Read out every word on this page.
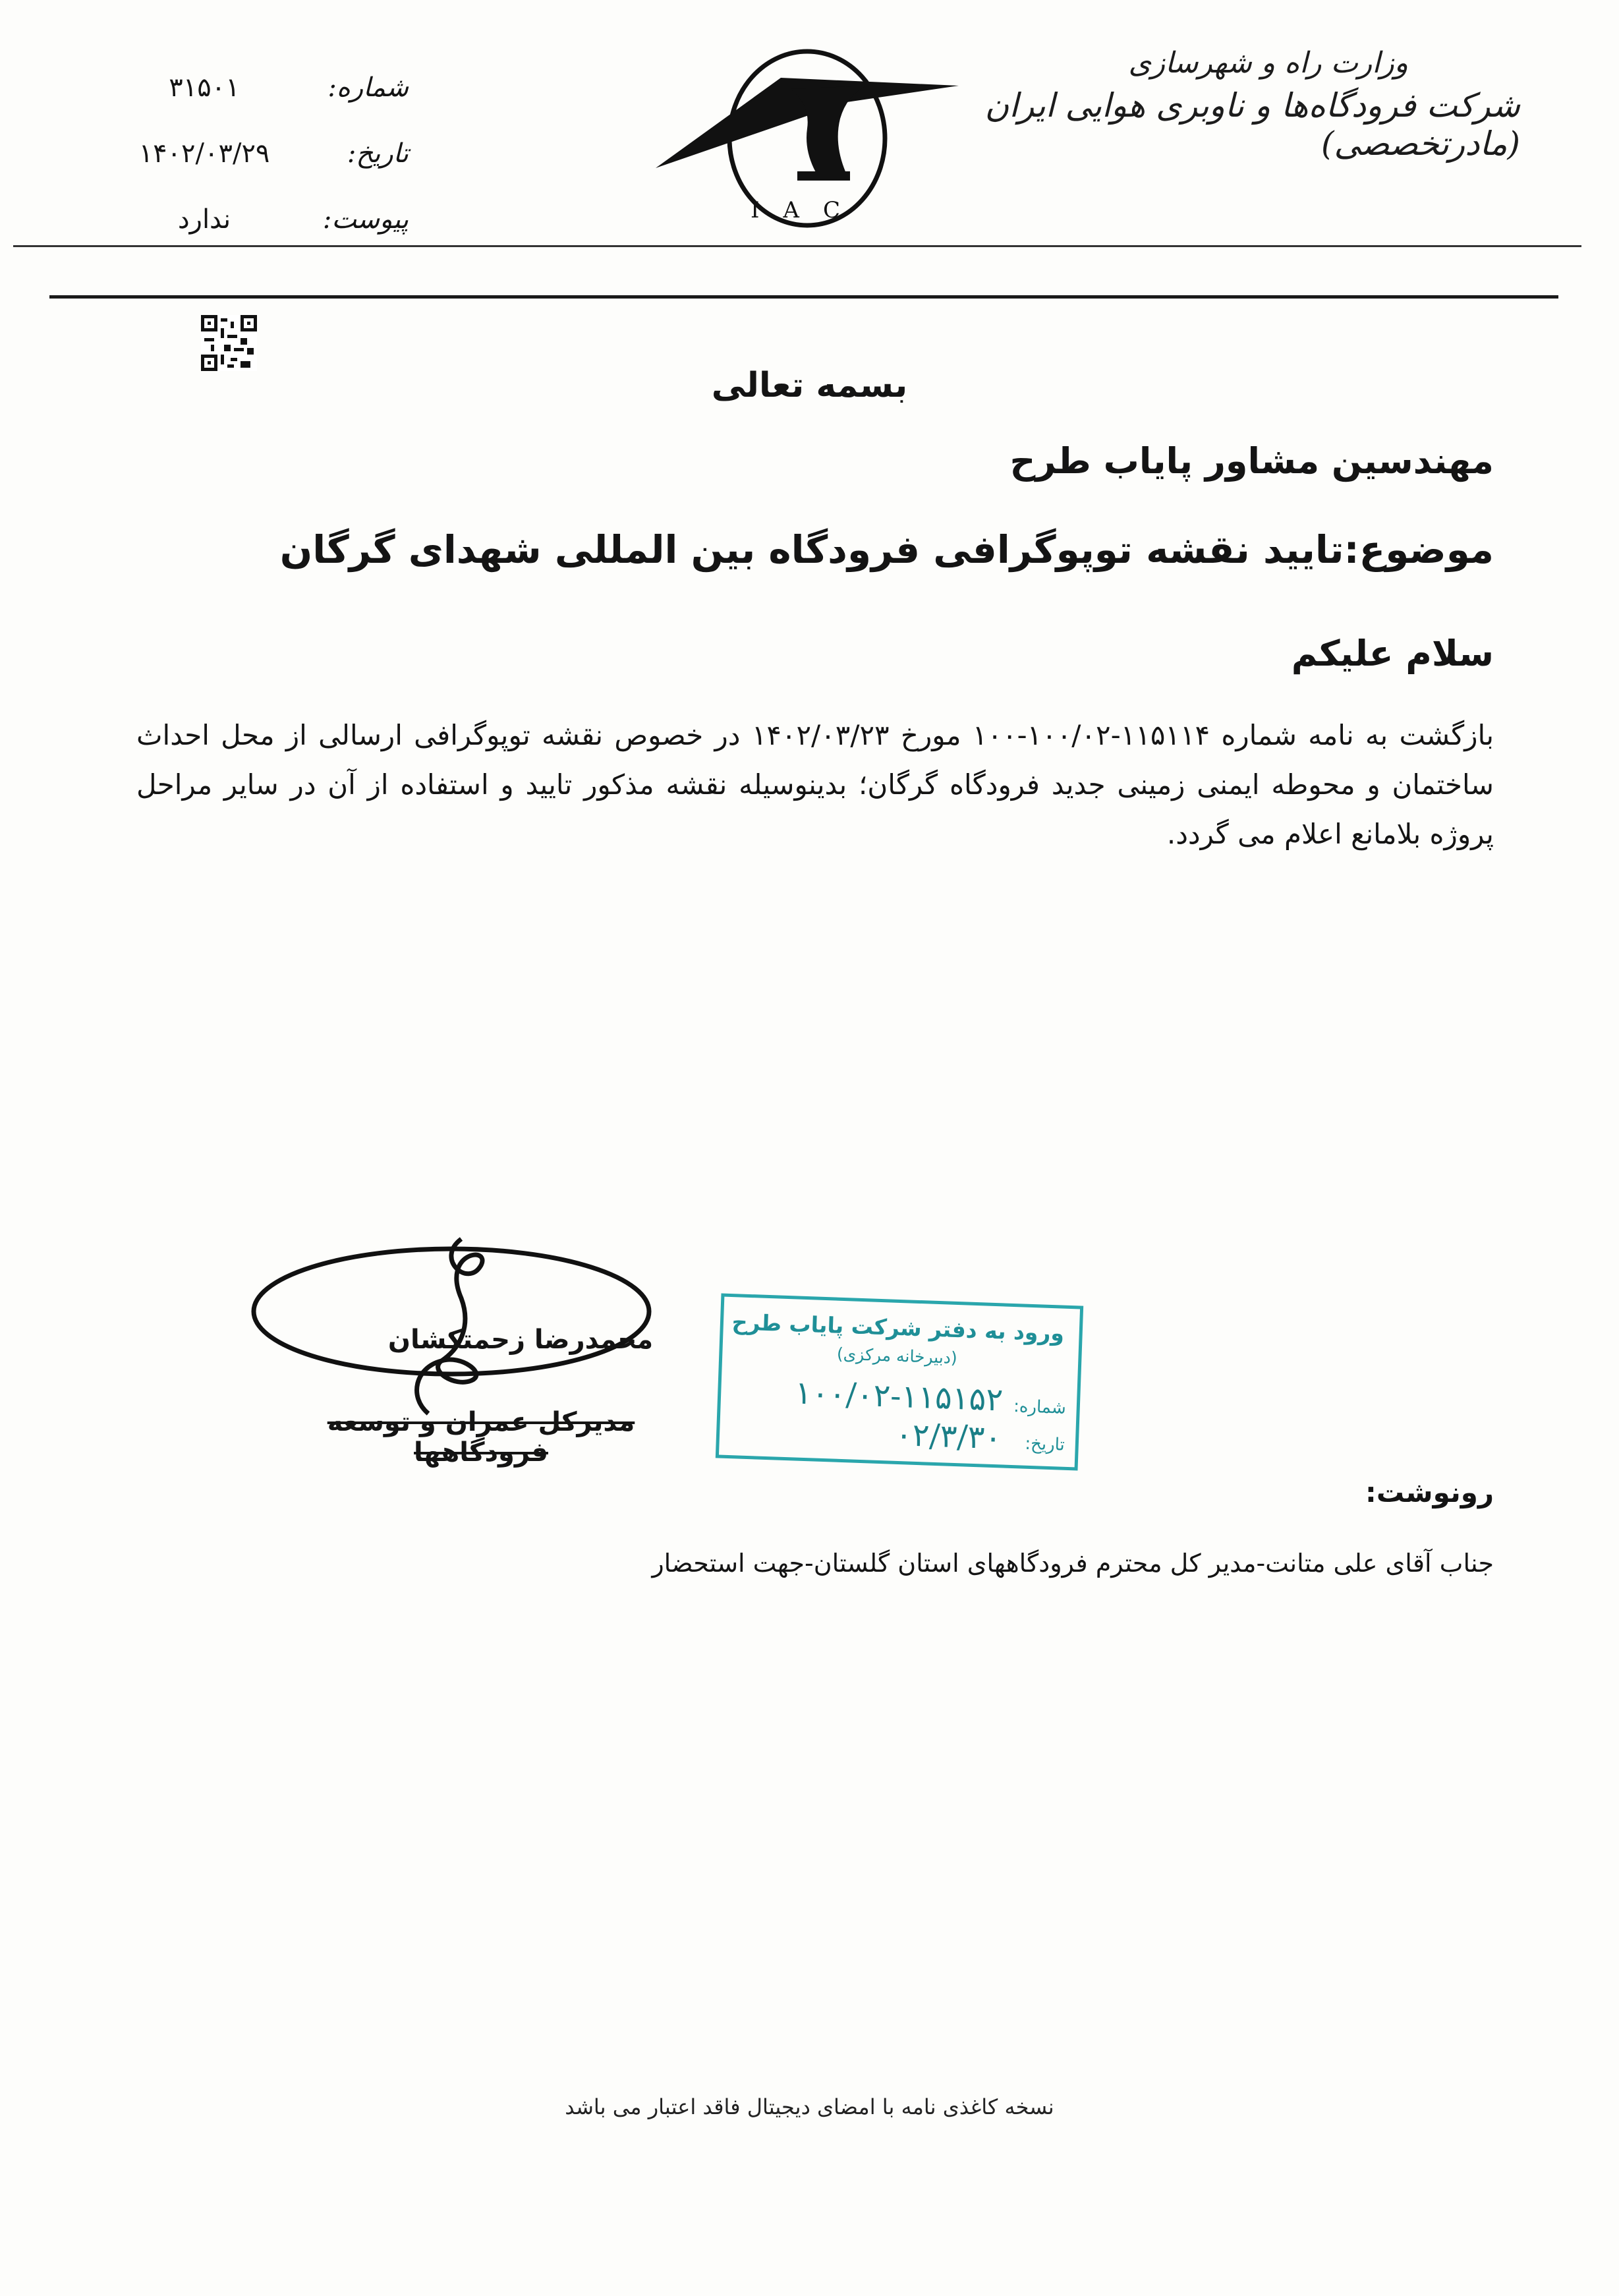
وزارت راه و شهرسازی
شرکت فرودگاه‌ها و ناوبری هوایی ایران (مادرتخصصی)
IAC
شماره:
۳۱۵۰۱
تاریخ:
۱۴۰۲/۰۳/۲۹
پیوست:
ندارد
بسمه تعالی
مهندسین مشاور پایاب طرح
موضوع:تایید نقشه توپوگرافی فرودگاه بین المللی شهدای گرگان
سلام علیکم
بازگشت به نامه شماره ۱۱۵۱۱۴-۱۰۰/۰۲-۱۰۰ مورخ ۱۴۰۲/۰۳/۲۳ در خصوص نقشه توپوگرافی ارسالی از محل احداث ساختمان و محوطه ایمنی زمینی جدید فرودگاه گرگان؛ بدینوسیله نقشه مذکور تایید و استفاده از آن در سایر مراحل پروژه بلامانع اعلام می گردد.
محمدرضا زحمتکشان
مدیرکل عمران و توسعه فرودگاهها
ورود به دفتر شرکت پایاب طرح
(دبیرخانه مرکزی)
شماره:
۱۰۰/۰۲-۱۱۵۱۵۲
تاریخ:
۰۲/۳/۳۰
رونوشت:
جناب آقای علی متانت-مدیر کل محترم فرودگاههای استان گلستان-جهت استحضار
نسخه کاغذی نامه با امضای دیجیتال فاقد اعتبار می باشد
